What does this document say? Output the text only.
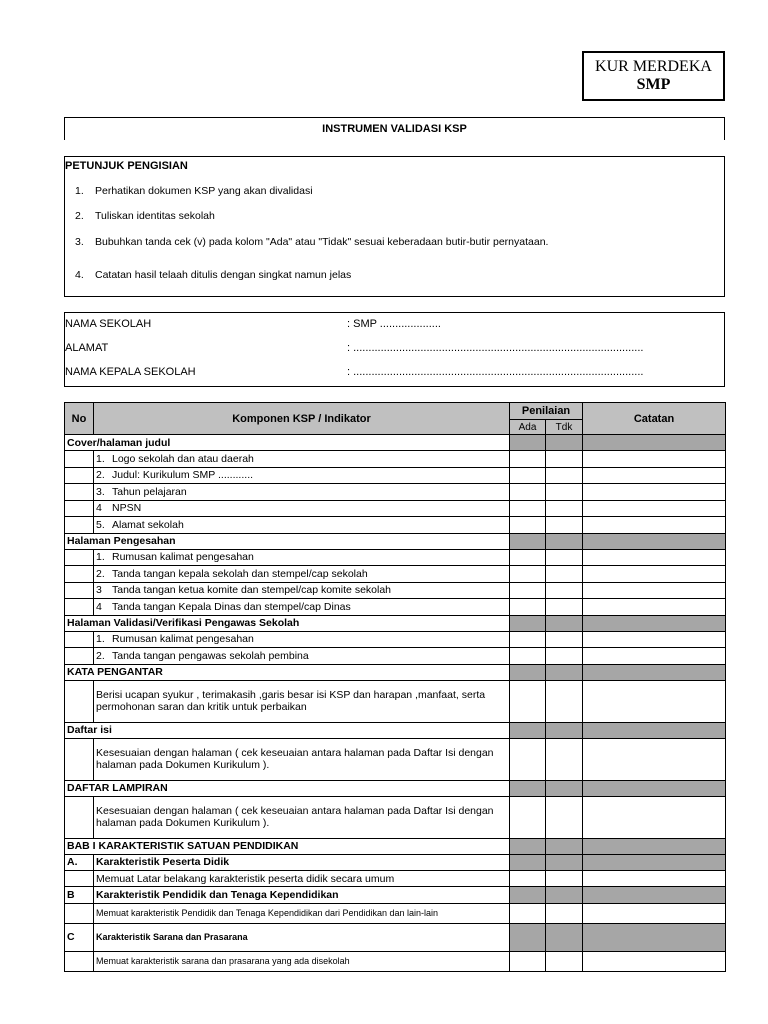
KUR MERDEKA
SMP
INSTRUMEN VALIDASI KSP
PETUNJUK PENGISIAN
1. Perhatikan dokumen KSP yang akan divalidasi
2. Tuliskan identitas sekolah
3. Bubuhkan tanda cek (v) pada kolom "Ada" atau "Tidak" sesuai keberadaan butir-butir pernyataan.
4. Catatan hasil telaah ditulis dengan singkat namun jelas
NAMA SEKOLAH	: SMP ....................
ALAMAT	: ...............................................................................................
NAMA KEPALA SEKOLAH	: ...............................................................................................
No	Komponen KSP / Indikator	Penilaian		Catatan
		Ada	Tdk	
Cover/halaman judul				
	1. Logo sekolah dan atau daerah			
	2. Judul: Kurikulum SMP ............			
	3. Tahun pelajaran			
	4 NPSN			
	5. Alamat sekolah			
Halaman Pengesahan				
	1. Rumusan kalimat pengesahan			
	2. Tanda tangan kepala sekolah dan stempel/cap sekolah			
	3 Tanda tangan ketua komite dan stempel/cap komite sekolah			
	4 Tanda tangan Kepala Dinas dan stempel/cap Dinas			
Halaman Validasi/Verifikasi Pengawas Sekolah				
	1. Rumusan kalimat pengesahan			
	2. Tanda tangan pengawas sekolah pembina			
KATA PENGANTAR				
	Berisi ucapan syukur , terimakasih ,garis besar isi KSP dan harapan ,manfaat, serta permohonan saran dan kritik untuk perbaikan			
Daftar isi				
	Kesesuaian dengan halaman ( cek keseuaian antara halaman pada Daftar Isi dengan halaman pada Dokumen Kurikulum ).			
DAFTAR LAMPIRAN				
	Kesesuaian dengan halaman ( cek keseuaian antara halaman pada Daftar Isi dengan halaman pada Dokumen Kurikulum ).			
BAB I KARAKTERISTIK SATUAN PENDIDIKAN				
A.	Karakteristik Peserta Didik			
	Memuat Latar belakang karakteristik peserta didik secara umum			
B	Karakteristik Pendidik dan Tenaga Kependidikan			
	Memuat karakteristik Pendidik dan Tenaga Kependidikan dari Pendidikan dan lain-lain			
C	Karakteristik Sarana dan Prasarana			
	Memuat karakteristik sarana dan prasarana yang ada disekolah			
